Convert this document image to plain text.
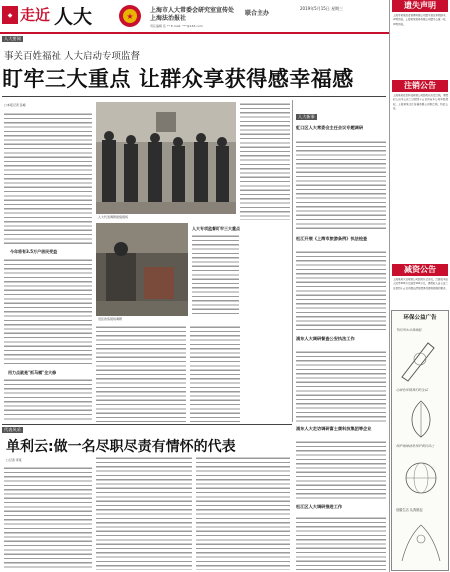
◆ 走近 人大	★
上海市人大常委会研究室宣传处
上海法治报社
联合主办
责任编辑 张 ** E-mail: ***@163.com
2019年5月15日 星期三
人大要闻
事关百姓福祉 人大启动专项监督
盯牢三大重点 让群众享获得感幸福感
□本报记者 张峰
今年将有3.5万户居民受益
用力点就是"抓马桶"全大修
人大代表调研视察现场
旧区改造现场调研
人大专项监督盯牢三大重点
人大新事
虹口区人大常委会主任会议专题调研
松江开展《上海市旅游条例》执法检查
浦东人大调研督查公安执法工作
代表风采
单利云:做一名尽职尽责有情怀的代表
□记者 李某
浦东人大走访调研富士康科技集团等企业
松江区人大调研推进工作
遗失声明
上海市某某投资管理有限公司遗失营业执照副本，声明作废。上海某某贸易有限公司遗失公章一枚，声明作废。
注销公告
上海某某信息科技有限公司经股东决定注销，请债权人自本公告之日起四十五日内向本公司申报债权。上海某某文化传播有限公司拟注销，特此公告。
减资公告
上海某某实业有限公司经股东会决议，注册资本由人民币500万元减至100万元，请债权人自公告之日起四十五日内提出清偿债务或提供担保的要求。
环保公益广告
节约用水从我做起
让绿色伴随我们的生活
保护地球就是保护我们自己
低碳生活 从我做起
